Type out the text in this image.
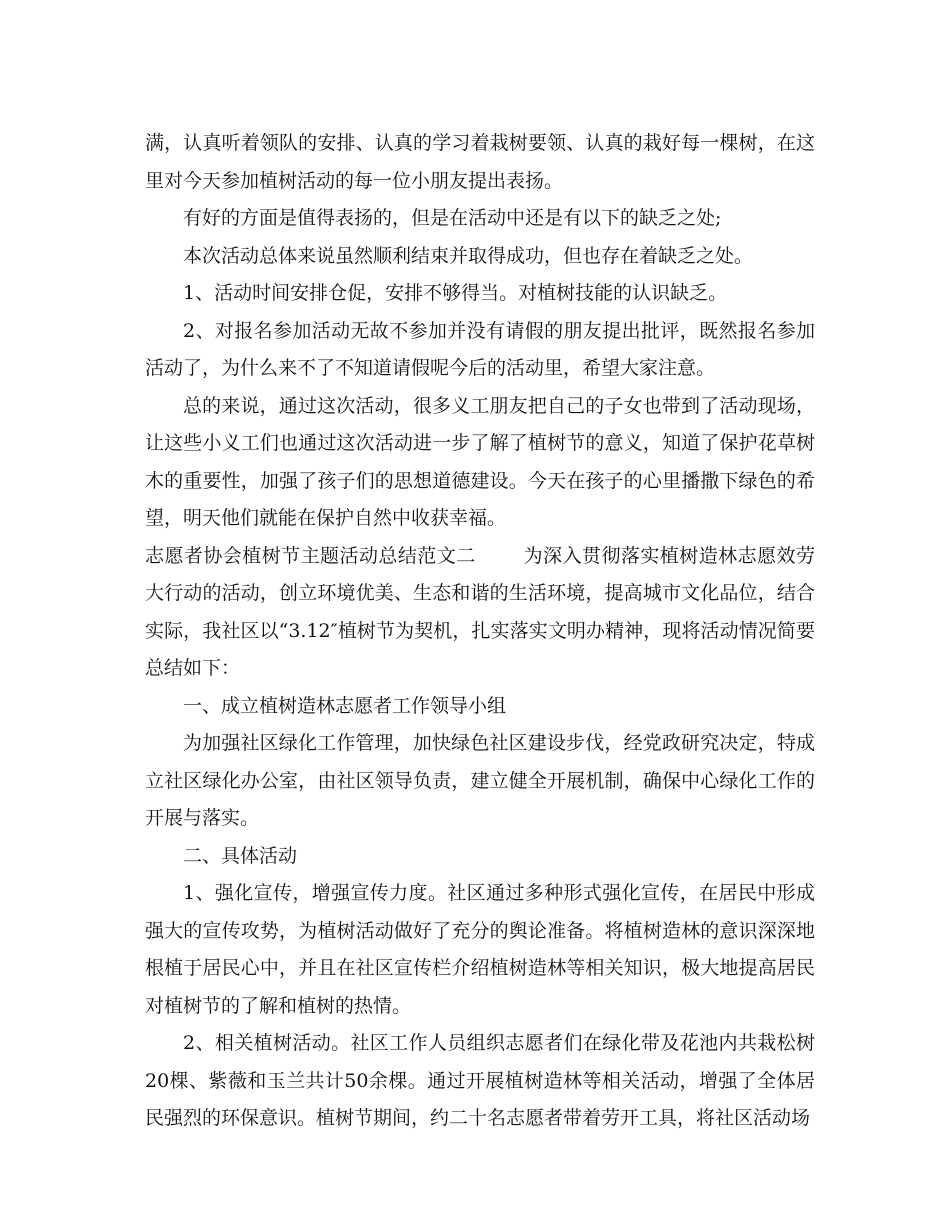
满，认真听着领队的安排、认真的学习着栽树要领、认真的栽好每一棵树，在这里对今天参加植树活动的每一位小朋友提出表扬。

有好的方面是值得表扬的，但是在活动中还是有以下的缺乏之处;

本次活动总体来说虽然顺利结束并取得成功，但也存在着缺乏之处。

1、活动时间安排仓促，安排不够得当。对植树技能的认识缺乏。

2、对报名参加活动无故不参加并没有请假的朋友提出批评，既然报名参加活动了，为什么来不了不知道请假呢今后的活动里，希望大家注意。

总的来说，通过这次活动，很多义工朋友把自己的子女也带到了活动现场，让这些小义工们也通过这次活动进一步了解了植树节的意义，知道了保护花草树木的重要性，加强了孩子们的思想道德建设。今天在孩子的心里播撒下绿色的希望，明天他们就能在保护自然中收获幸福。

志愿者协会植树节主题活动总结范文二	为深入贯彻落实植树造林志愿效劳大行动的活动，创立环境优美、生态和谐的生活环境，提高城市文化品位，结合实际，我社区以“3.12″植树节为契机，扎实落实文明办精神，现将活动情况简要总结如下：

一、成立植树造林志愿者工作领导小组

为加强社区绿化工作管理，加快绿色社区建设步伐，经党政研究决定，特成立社区绿化办公室，由社区领导负责，建立健全开展机制，确保中心绿化工作的开展与落实。

二、具体活动

1、强化宣传，增强宣传力度。社区通过多种形式强化宣传，在居民中形成强大的宣传攻势，为植树活动做好了充分的舆论准备。将植树造林的意识深深地根植于居民心中，并且在社区宣传栏介绍植树造林等相关知识，极大地提高居民对植树节的了解和植树的热情。

2、相关植树活动。社区工作人员组织志愿者们在绿化带及花池内共栽松树20棵、紫薇和玉兰共计50余棵。通过开展植树造林等相关活动，增强了全体居民强烈的环保意识。植树节期间，约二十名志愿者带着劳开工具，将社区活动场
